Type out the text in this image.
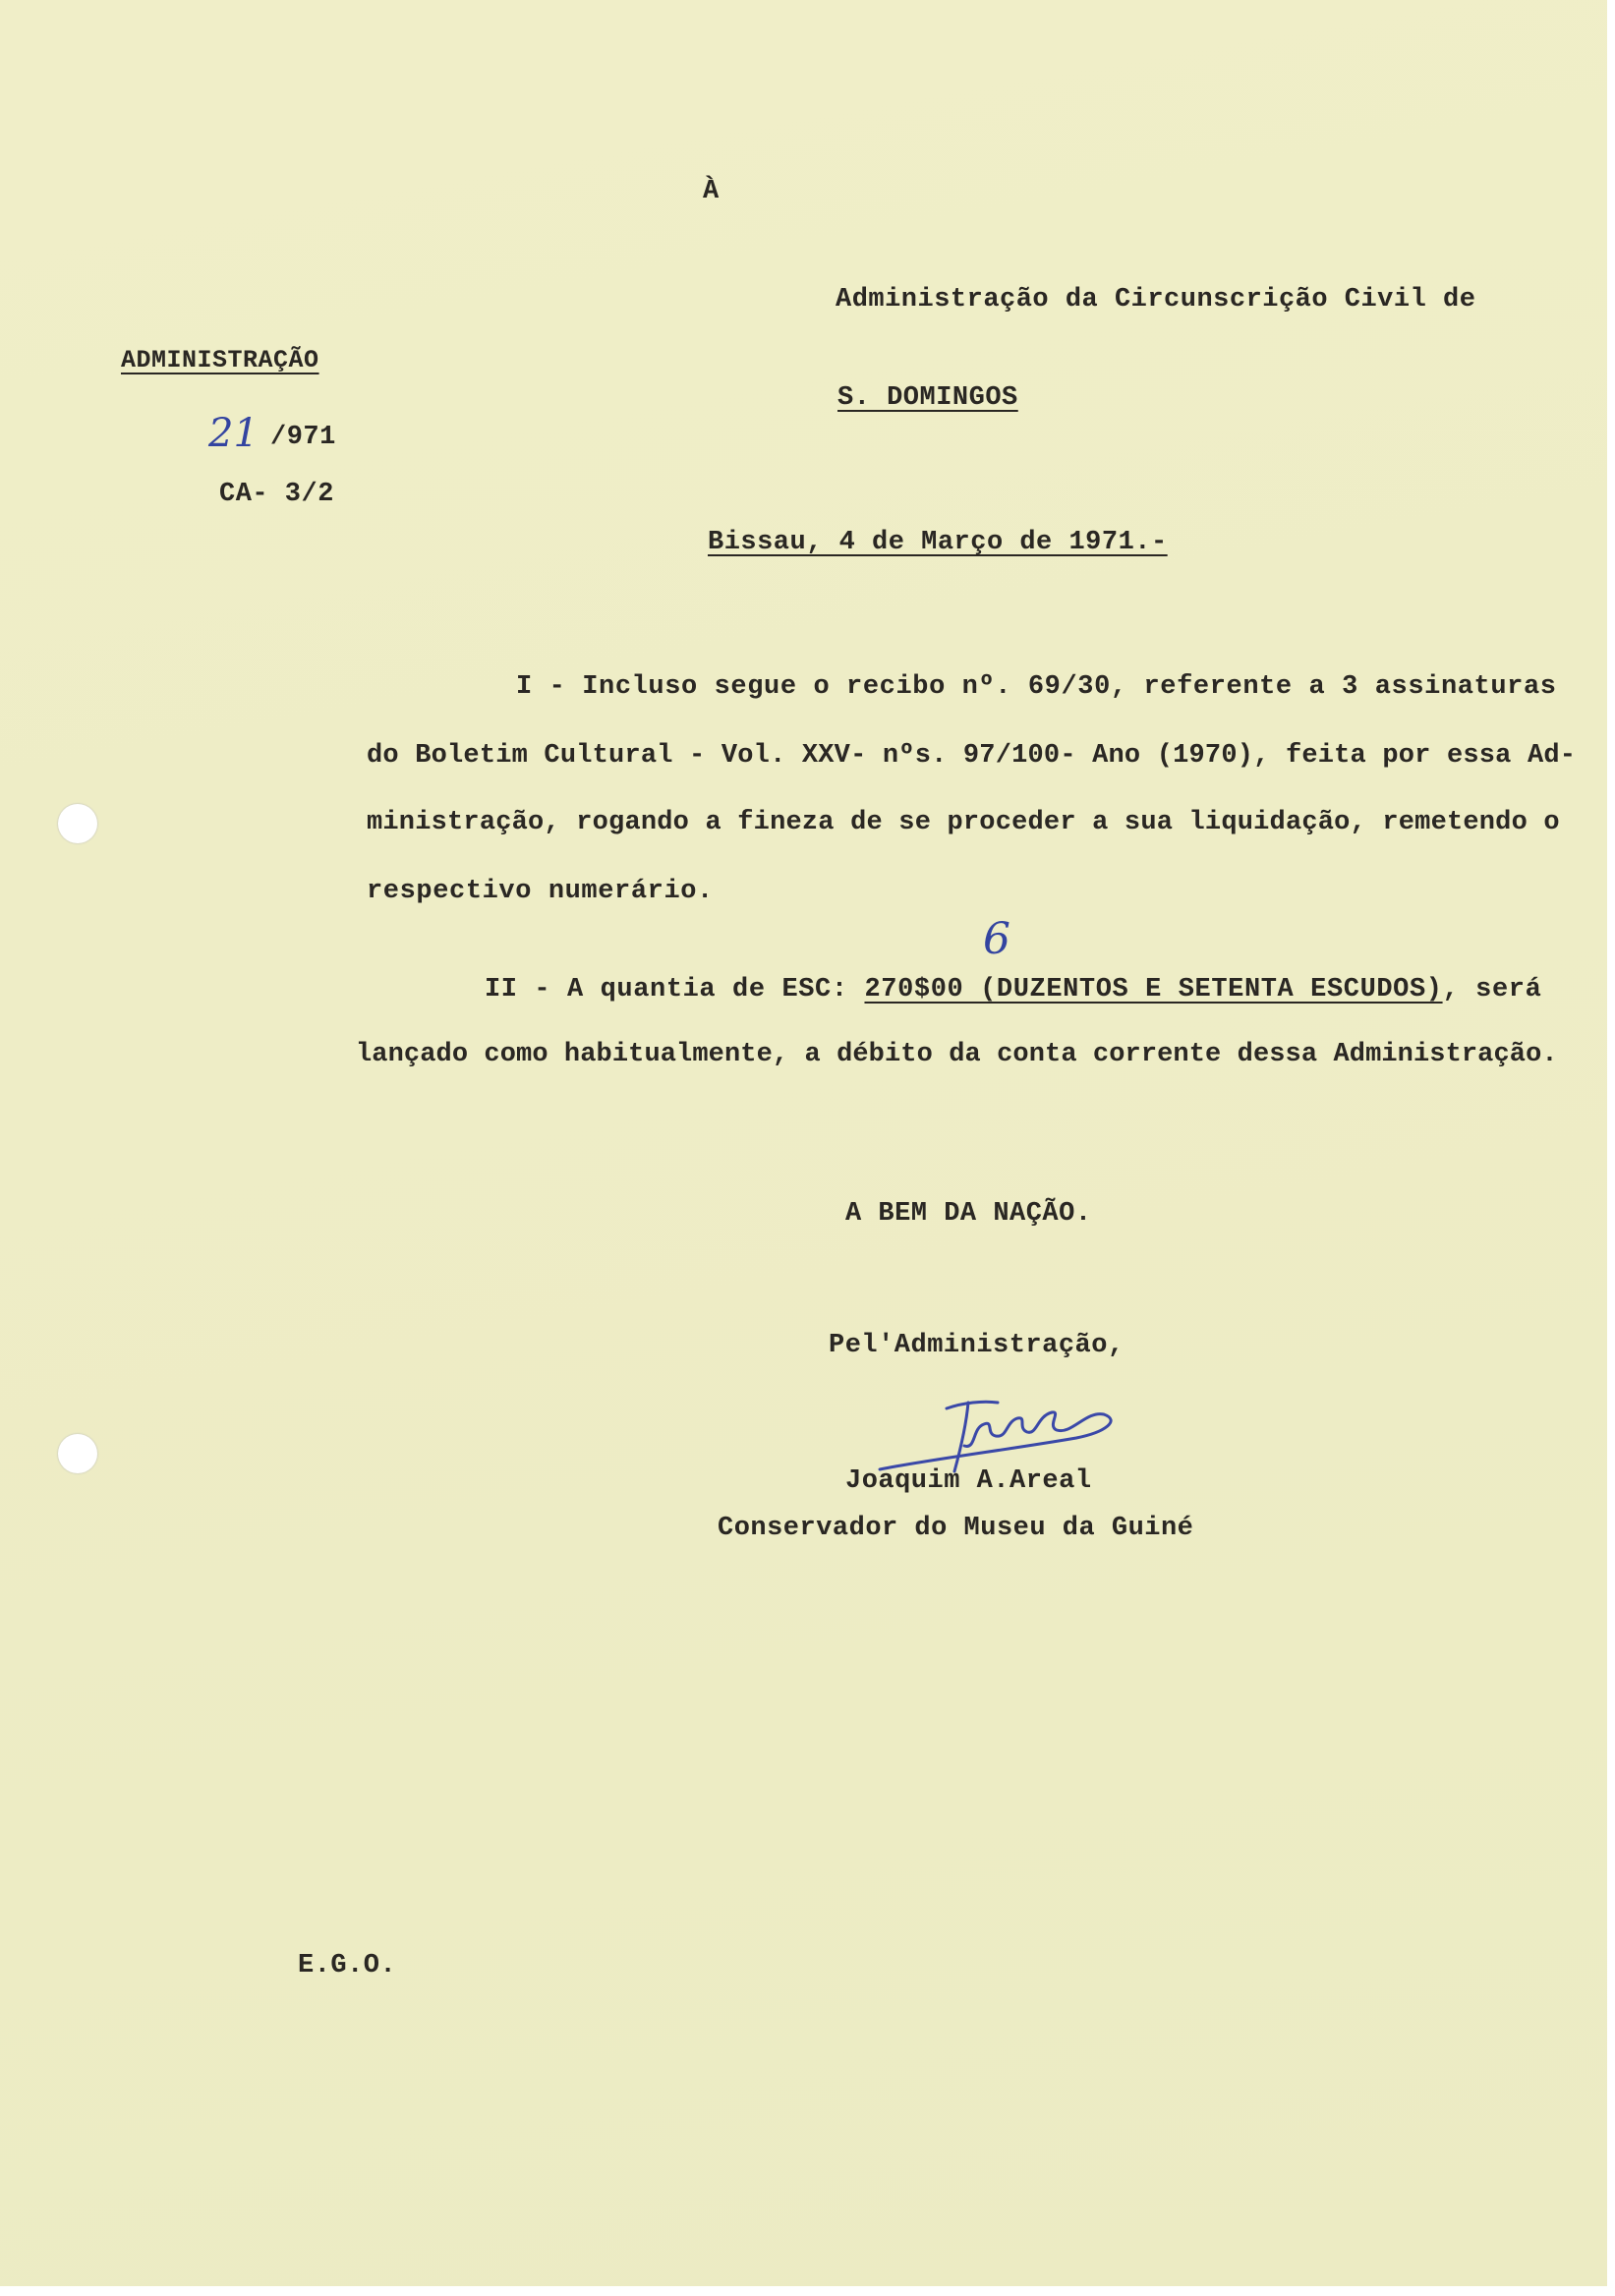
À
Administração da Circunscrição Civil de
S. DOMINGOS
ADMINISTRAÇÃO
21 /971
CA- 3/2
Bissau, 4 de Março de 1971.-
I - Incluso segue o recibo nº. 69/30, referente a 3 assinaturas
do Boletim Cultural - Vol. XXV- nºs. 97/100- Ano (1970), feita por essa Ad-
ministração, rogando a fineza de se proceder a sua liquidação, remetendo o
respectivo numerário.
II - A quantia de ESC: 270$00 (DUZENTOS E SETENTA ESCUDOS), será
6
lançado como habitualmente, a débito da conta corrente dessa Administração.
A BEM DA NAÇÃO.
Pel'Administração,
Joaquim A.Areal
Conservador do Museu da Guiné
E.G.O.
